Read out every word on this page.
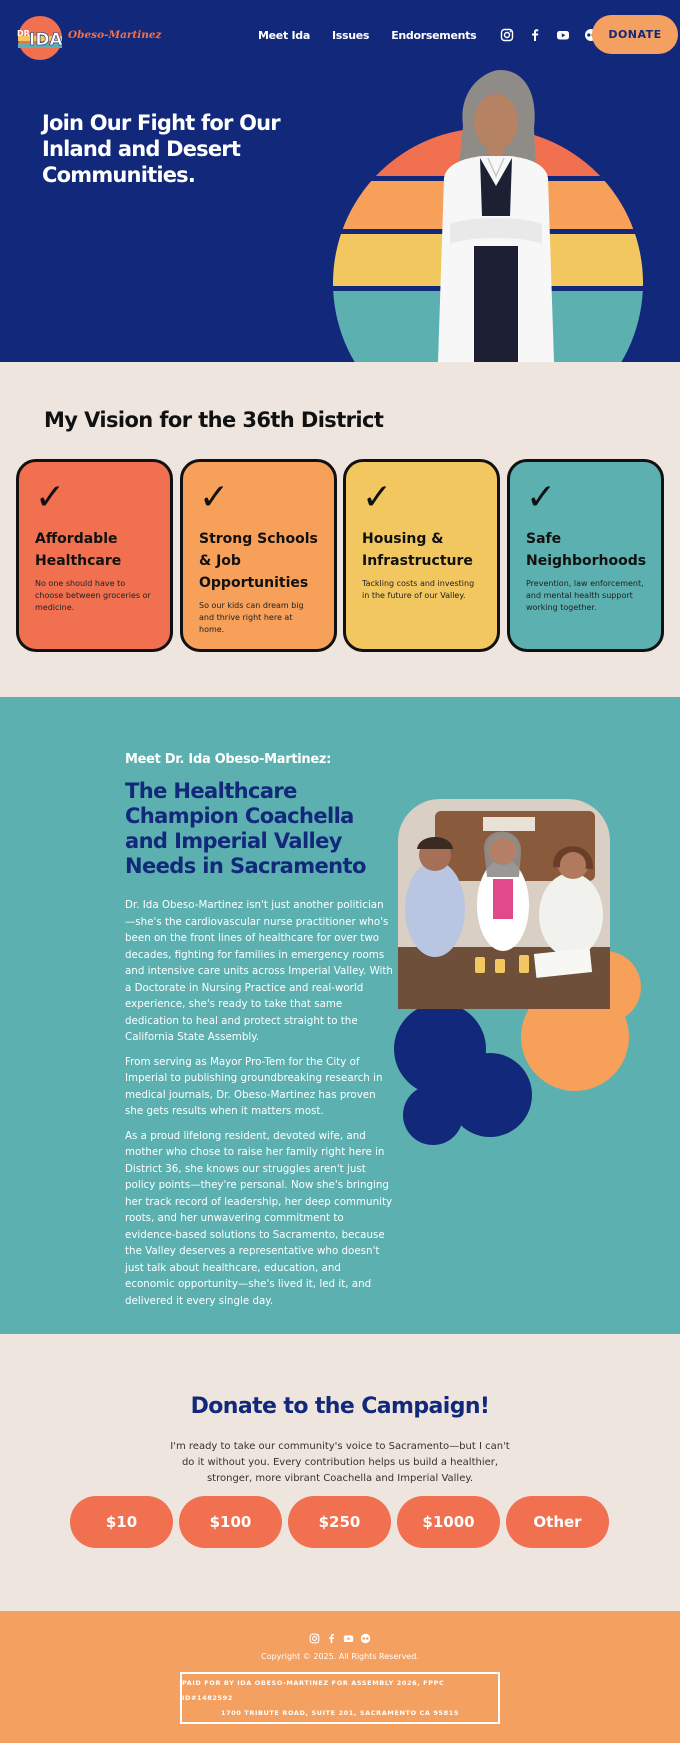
DR.
IDA Obeso-Martinez	Meet Ida Issues Endorsements	DONATE
Join Our Fight for Our Inland and Desert Communities.
My Vision for the 36th District
✓
Affordable Healthcare
No one should have to choose between groceries or medicine.
✓
Strong Schools & Job Opportunities
So our kids can dream big and thrive right here at home.
✓
Housing & Infrastructure
Tackling costs and investing in the future of our Valley.
✓
Safe Neighborhoods
Prevention, law enforcement, and mental health support working together.
Meet Dr. Ida Obeso-Martinez:
The Healthcare Champion Coachella and Imperial Valley Needs in Sacramento

Dr. Ida Obeso-Martinez isn't just another politician—she's the cardiovascular nurse practitioner who's been on the front lines of healthcare for over two decades, fighting for families in emergency rooms and intensive care units across Imperial Valley. With a Doctorate in Nursing Practice and real-world experience, she's ready to take that same dedication to heal and protect straight to the California State Assembly.

From serving as Mayor Pro-Tem for the City of Imperial to publishing groundbreaking research in medical journals, Dr. Obeso-Martinez has proven she gets results when it matters most.

As a proud lifelong resident, devoted wife, and mother who chose to raise her family right here in District 36, she knows our struggles aren't just policy points—they're personal. Now she's bringing her track record of leadership, her deep community roots, and her unwavering commitment to evidence-based solutions to Sacramento, because the Valley deserves a representative who doesn't just talk about healthcare, education, and economic opportunity—she's lived it, led it, and delivered it every single day.

Donate to the Campaign!

I'm ready to take our community's voice to Sacramento—but I can't do it without you. Every contribution helps us build a healthier, stronger, more vibrant Coachella and Imperial Valley.

$10	$100	$250	$1000	Other
Copyright © 2025. All Rights Reserved.
PAID FOR BY IDA OBESO-MARTINEZ FOR ASSEMBLY 2026, FPPC ID#1482592
1700 TRIBUTE ROAD, SUITE 201, SACRAMENTO CA 95815
